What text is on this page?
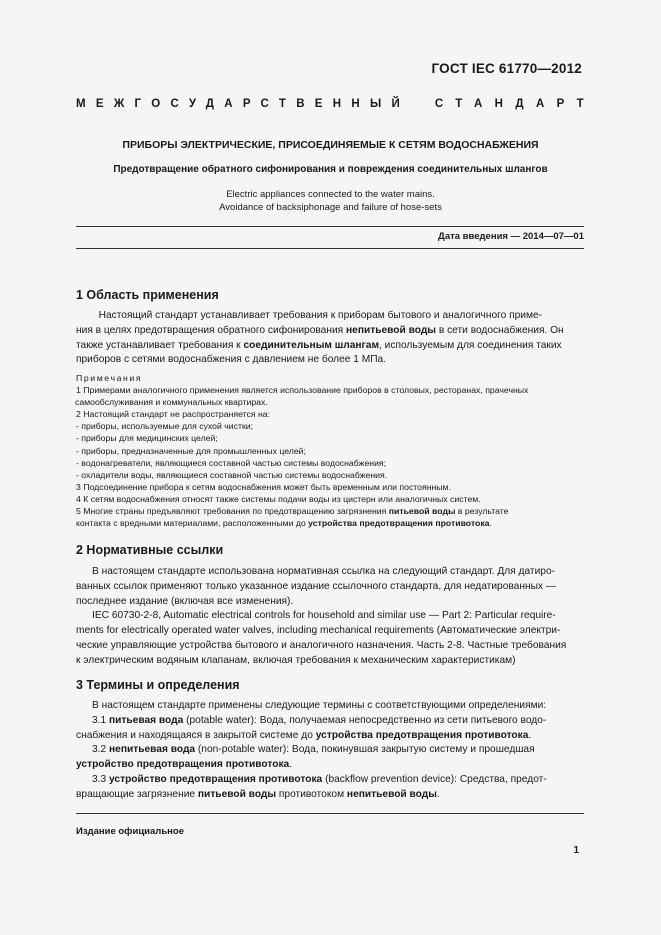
ГОСТ IEC 61770—2012
МЕЖГОСУДАРСТВЕННЫЙ СТАНДАРТ
ПРИБОРЫ ЭЛЕКТРИЧЕСКИЕ, ПРИСОЕДИНЯЕМЫЕ К СЕТЯМ ВОДОСНАБЖЕНИЯ
Предотвращение обратного сифонирования и повреждения соединительных шлангов
Electric appliances connected to the water mains.
Avoidance of backsiphonage and failure of hose-sets
Дата введения — 2014—07—01
1 Область применения
Настоящий стандарт устанавливает требования к приборам бытового и аналогичного приме-
ния в целях предотвращения обратного сифонирования непитьевой воды в сети водоснабжения. Он
также устанавливает требования к соединительным шлангам, используемым для соединения таких
приборов с сетями водоснабжения с давлением не более 1 МПа.
Примечания
1 Примерами аналогичного применения является использование приборов в столовых, ресторанах, прачечных
самообслуживания и коммунальных квартирах.
2 Настоящий стандарт не распространяется на:
- приборы, используемые для сухой чистки;
- приборы для медицинских целей;
- приборы, предназначенные для промышленных целей;
- водонагреватели, являющиеся составной частью системы водоснабжения;
- охладители воды, являющиеся составной частью системы водоснабжения.
3 Подсоединение прибора к сетям водоснабжения может быть временным или постоянным.
4 К сетям водоснабжения относят также системы подачи воды из цистерн или аналогичных систем.
5 Многие страны предъявляют требования по предотвращению загрязнения питьевой воды в результате
контакта с вредными материалами, расположенными до устройства предотвращения противотока.
2 Нормативные ссылки
В настоящем стандарте использована нормативная ссылка на следующий стандарт. Для датиро-
ванных ссылок применяют только указанное издание ссылочного стандарта, для недатированных —
последнее издание (включая все изменения).
IEC 60730-2-8, Automatic electrical controls for household and similar use — Part 2: Particular require-
ments for electrically operated water valves, including mechanical requirements (Автоматические электри-
ческие управляющие устройства бытового и аналогичного назначения. Часть 2-8. Частные требования
к электрическим водяным клапанам, включая требования к механическим характеристикам)
3 Термины и определения
В настоящем стандарте применены следующие термины с соответствующими определениями:
3.1 питьевая вода (potable water): Вода, получаемая непосредственно из сети питьевого водо-
снабжения и находящаяся в закрытой системе до устройства предотвращения противотока.
3.2 непитьевая вода (non-potable water): Вода, покинувшая закрытую систему и прошедшая
устройство предотвращения противотока.
3.3 устройство предотвращения противотока (backflow prevention device): Средства, предот-
вращающие загрязнение питьевой воды противотоком непитьевой воды.
Издание официальное
1
